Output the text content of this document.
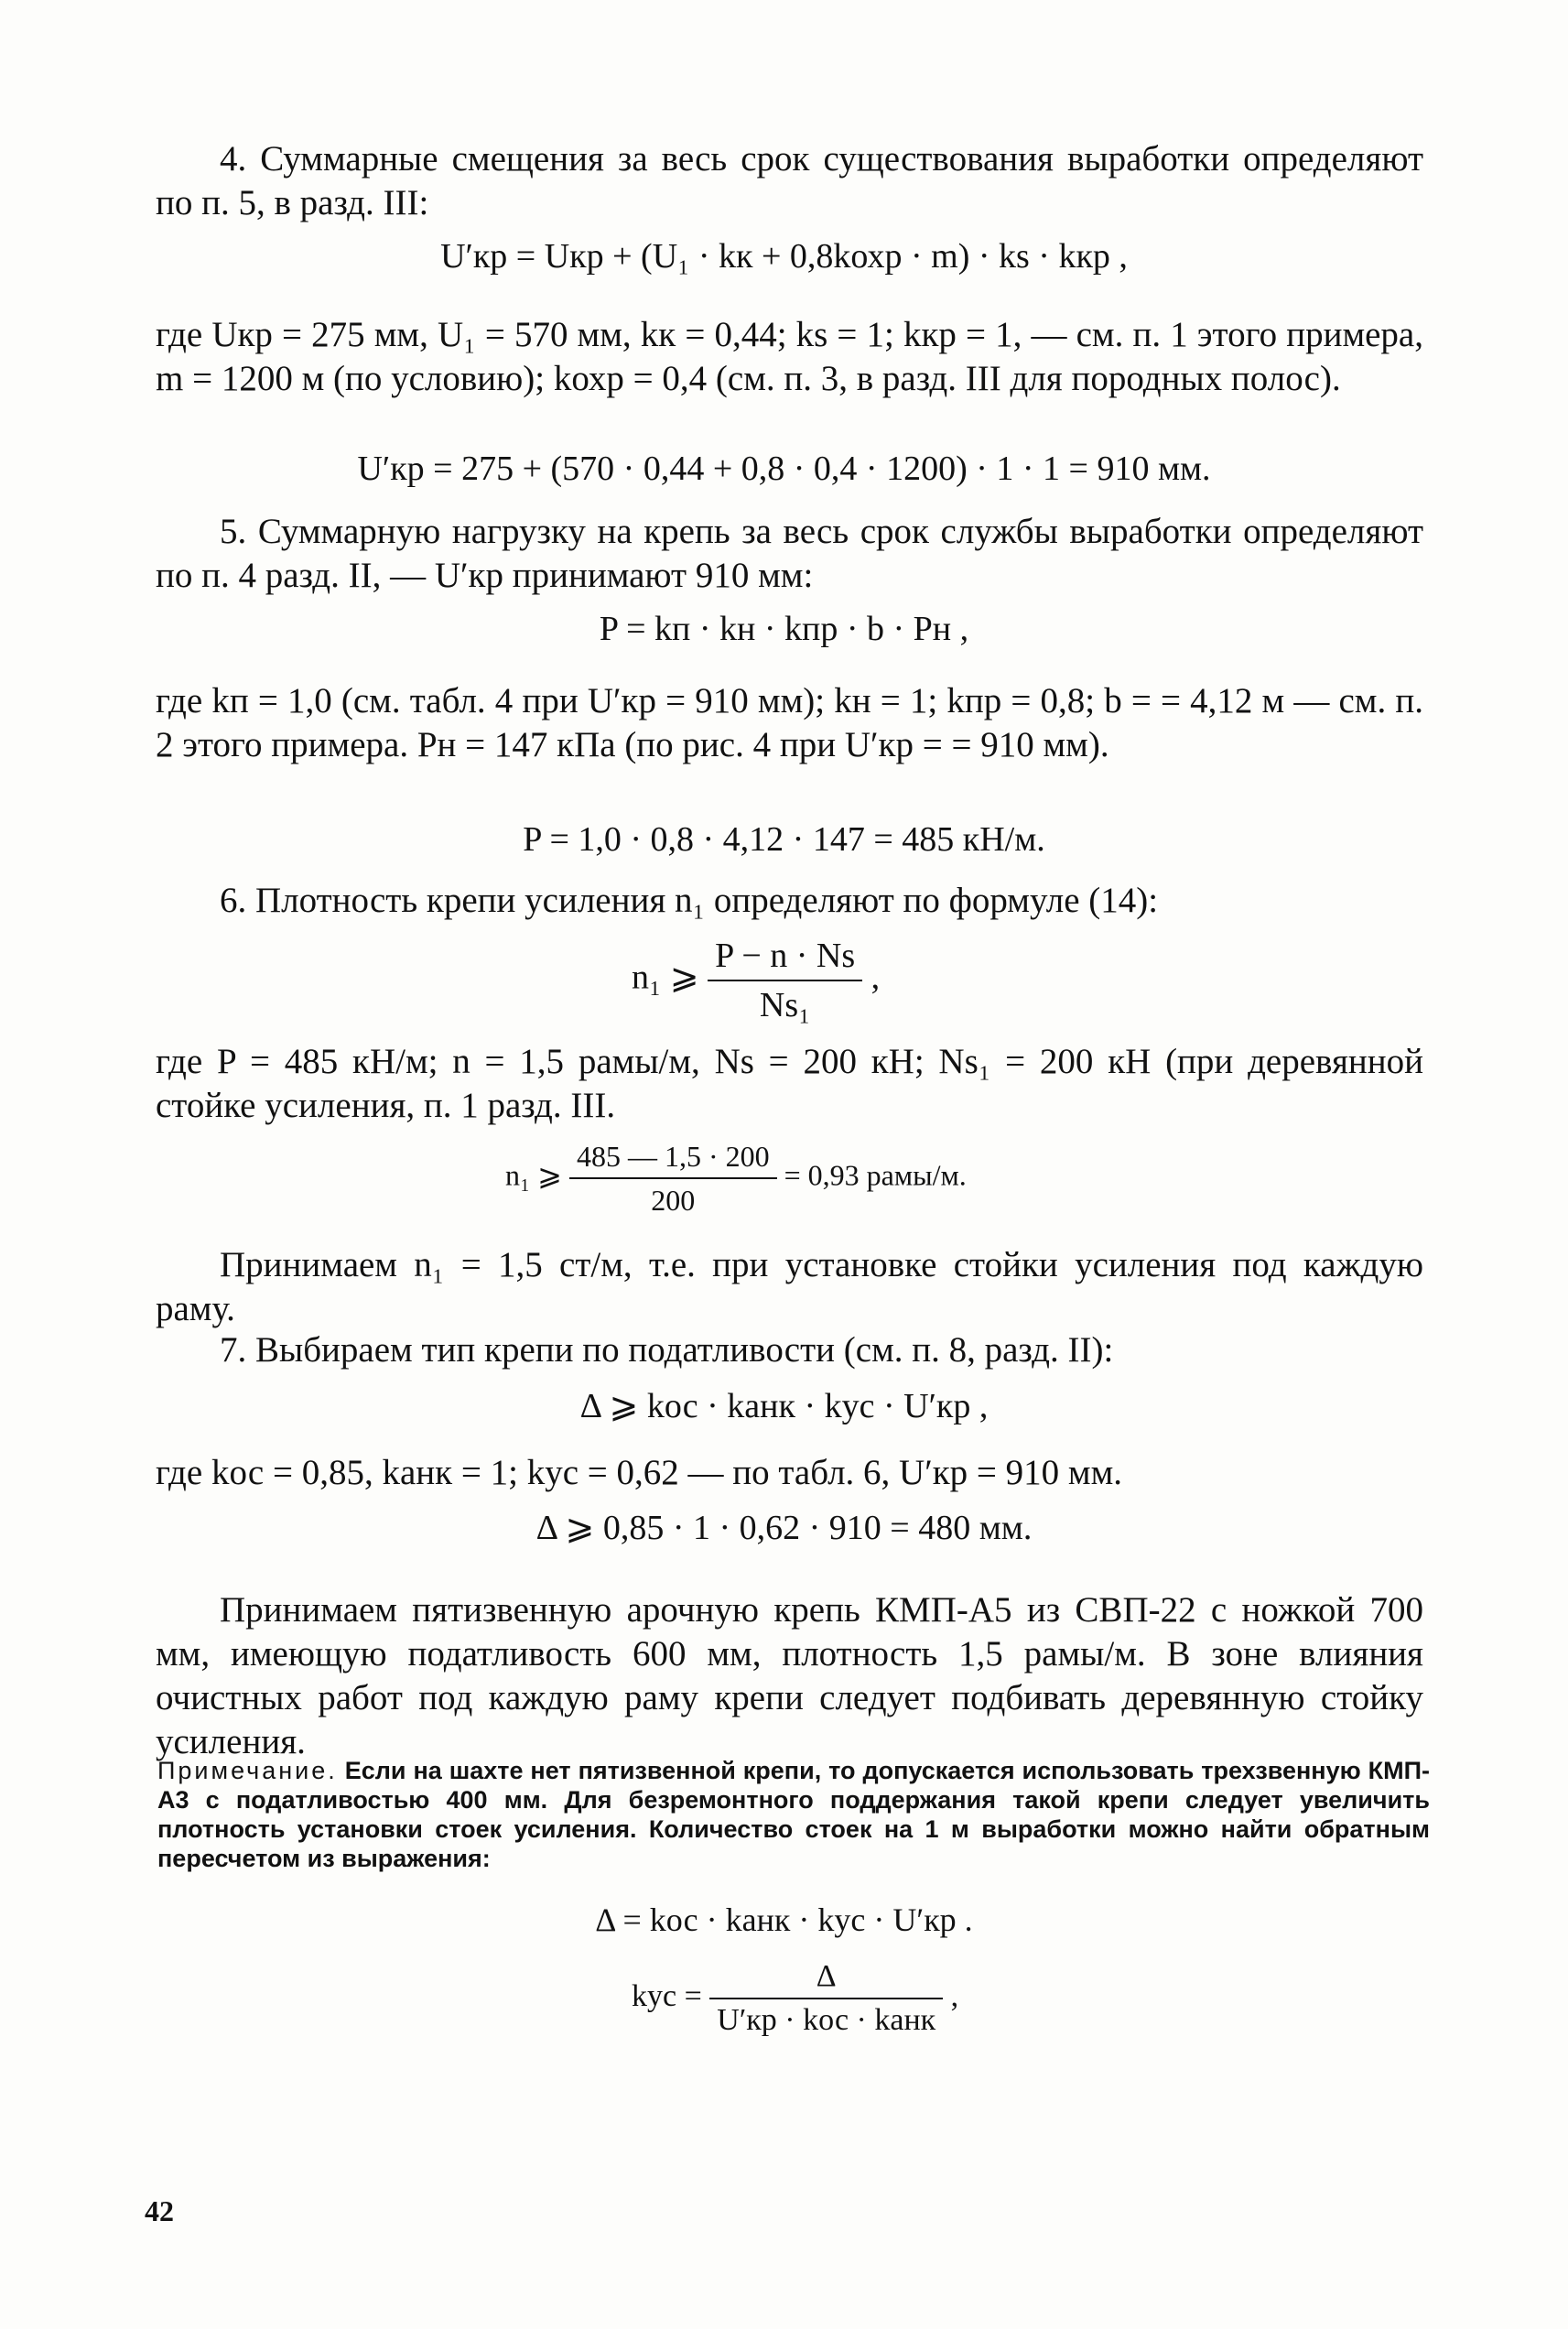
4. Суммарные смещения за весь срок существования выработки определяют по п. 5, в разд. III:
U′кр = Uкр + (U₁ · kк + 0,8kохр · m) · ks · kкр ,
где Uкр = 275 мм, U₁ = 570 мм, kк = 0,44; ks = 1; kкр = 1, — см. п. 1 этого примера, m = 1200 м (по условию); kохр = 0,4 (см. п. 3, в разд. III для породных полос).
U′кр = 275 + (570 · 0,44 + 0,8 · 0,4 · 1200) · 1 · 1 = 910 мм.
5. Суммарную нагрузку на крепь за весь срок службы выработки определяют по п. 4 разд. II, — U′кр принимают 910 мм:
P = kп · kн · kпр · b · Pн ,
где kп = 1,0 (см. табл. 4 при U′кр = 910 мм); kн = 1; kпр = 0,8; b = = 4,12 м — см. п. 2 этого примера. Pн = 147 кПа (по рис. 4 при U′кр = = 910 мм).
P = 1,0 · 0,8 · 4,12 · 147 = 485 кН/м.
6. Плотность крепи усиления n₁ определяют по формуле (14):
n₁ ⩾ $\frac{P - n \cdot Ns}{\text{Ns₁}}$ ,
где P = 485 кН/м; n = 1,5 рамы/м, Ns = 200 кН; Ns₁ = 200 кН (при деревянной стойке усиления, п. 1 разд. III.
n₁ ⩾ $\frac{485 — 1,5 \cdot 200}{200} = 0,93$ рамы/м.
Принимаем n₁ = 1,5 ст/м, т.е. при установке стойки усиления под каждую раму.
7. Выбираем тип крепи по податливости (см. п. 8, разд. II):
Δ ⩾ kос · kанк · kус · U′кр ,
где kос = 0,85, kанк = 1; kус = 0,62 — по табл. 6, U′кр = 910 мм.
Δ ⩾ 0,85 · 1 · 0,62 · 910 = 480 мм.
Принимаем пятизвенную арочную крепь КМП-А5 из СВП-22 с ножкой 700 мм, имеющую податливость 600 мм, плотность 1,5 рамы/м. В зоне влияния очистных работ под каждую раму крепи следует подбивать деревянную стойку усиления.
Примечание. Если на шахте нет пятизвенной крепи, то допускается использовать трехзвенную КМП-А3 с податливостью 400 мм. Для безремонтного поддержания такой крепи следует увеличить плотность установки стоек усиления. Количество стоек на 1 м выработки можно найти обратным пересчетом из выражения:
Δ = kос · kанк · kус · U′кр .
kус = $\frac{\Delta}{\text{U′кр · kос · kанк}}$ ,
42
